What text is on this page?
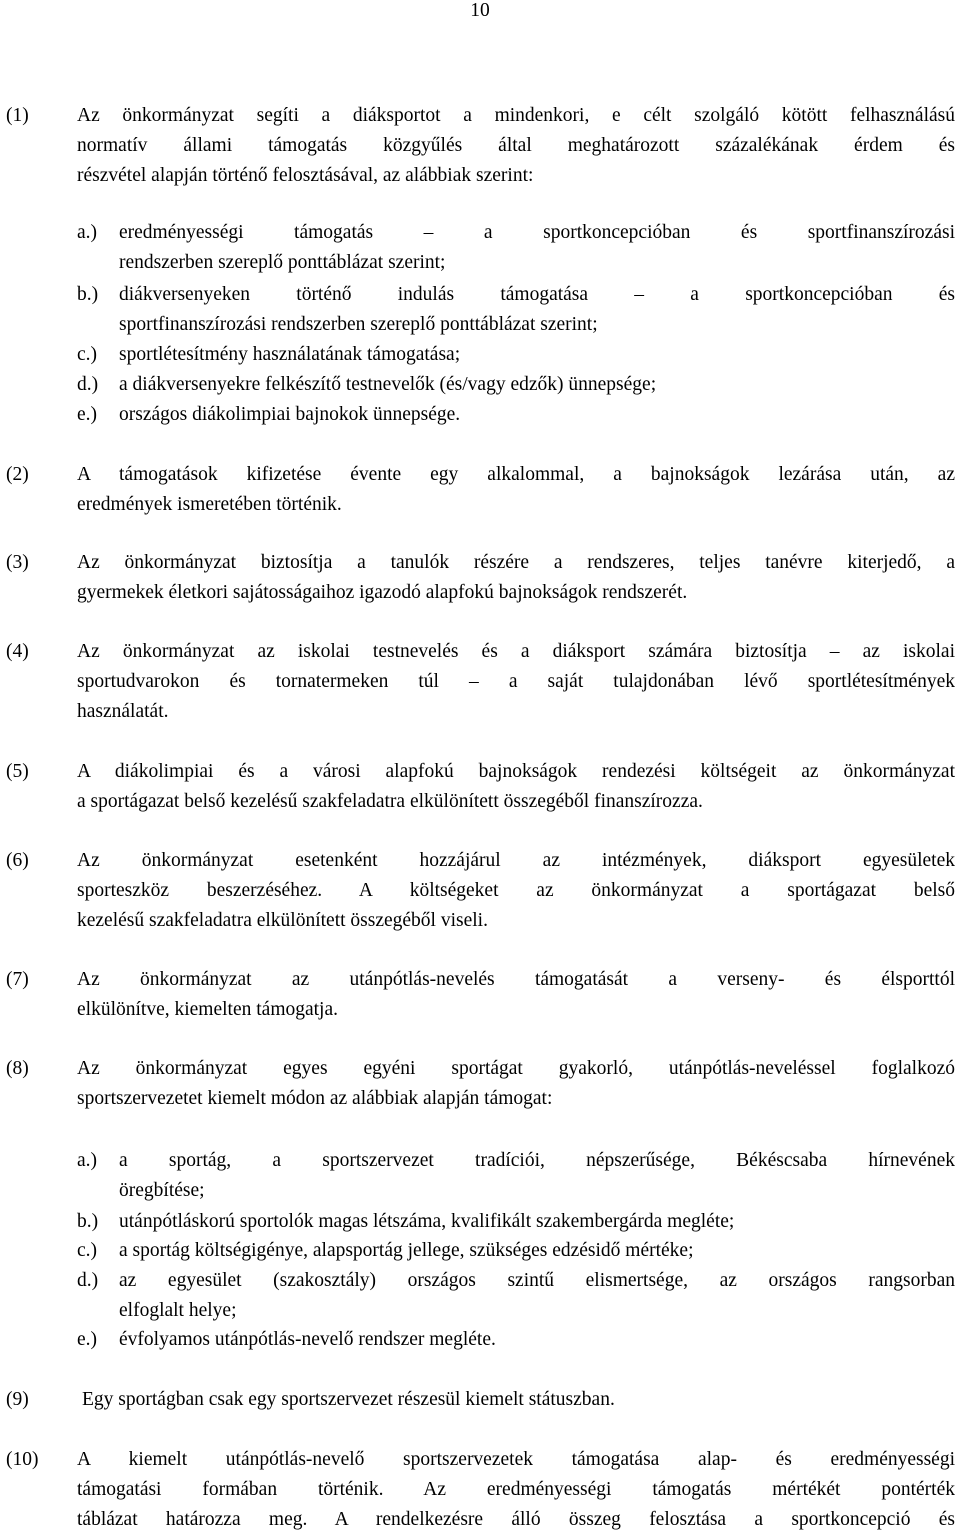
10
(1) Az önkormányzat segíti a diáksportot a mindenkori, e célt szolgáló kötött felhasználású
normatív állami támogatás közgyűlés által meghatározott százalékának érdem és
részvétel alapján történő felosztásával, az alábbiak szerint:
a.) eredményességi támogatás – a sportkoncepcióban és sportfinanszírozási
rendszerben szereplő ponttáblázat szerint;
b.) diákversenyeken történő indulás támogatása – a sportkoncepcióban és
sportfinanszírozási rendszerben szereplő ponttáblázat szerint;
c.) sportlétesítmény használatának támogatása;
d.) a diákversenyekre felkészítő testnevelők (és/vagy edzők) ünnepsége;
e.) országos diákolimpiai bajnokok ünnepsége.
(2) A támogatások kifizetése évente egy alkalommal, a bajnokságok lezárása után, az
eredmények ismeretében történik.
(3) Az önkormányzat biztosítja a tanulók részére a rendszeres, teljes tanévre kiterjedő, a
gyermekek életkori sajátosságaihoz igazodó alapfokú bajnokságok rendszerét.
(4) Az önkormányzat az iskolai testnevelés és a diáksport számára biztosítja – az iskolai
sportudvarokon és tornatermeken túl – a saját tulajdonában lévő sportlétesítmények
használatát.
(5) A diákolimpiai és a városi alapfokú bajnokságok rendezési költségeit az önkormányzat
a sportágazat belső kezelésű szakfeladatra elkülönített összegéből finanszírozza.
(6) Az önkormányzat esetenként hozzájárul az intézmények, diáksport egyesületek
sporteszköz beszerzéséhez. A költségeket az önkormányzat a sportágazat belső
kezelésű szakfeladatra elkülönített összegéből viseli.
(7) Az önkormányzat az utánpótlás-nevelés támogatását a verseny- és élsporttól
elkülönítve, kiemelten támogatja.
(8) Az önkormányzat egyes egyéni sportágat gyakorló, utánpótlás-neveléssel foglalkozó
sportszervezetet kiemelt módon az alábbiak alapján támogat:
a.) a sportág, a sportszervezet tradíciói, népszerűsége, Békéscsaba hírnevének
öregbítése;
b.) utánpótláskorú sportolók magas létszáma, kvalifikált szakembergárda megléte;
c.) a sportág költségigénye, alapsportág jellege, szükséges edzésidő mértéke;
d.) az egyesület (szakosztály) országos szintű elismertsége, az országos rangsorban
elfoglalt helye;
e.) évfolyamos utánpótlás-nevelő rendszer megléte.
(9)	Egy sportágban csak egy sportszervezet részesül kiemelt státuszban.
(10) A kiemelt utánpótlás-nevelő sportszervezetek támogatása alap- és eredményességi
támogatási formában történik. Az eredményességi támogatás mértékét pontérték
táblázat határozza meg. A rendelkezésre álló összeg felosztása a sportkoncepció és
